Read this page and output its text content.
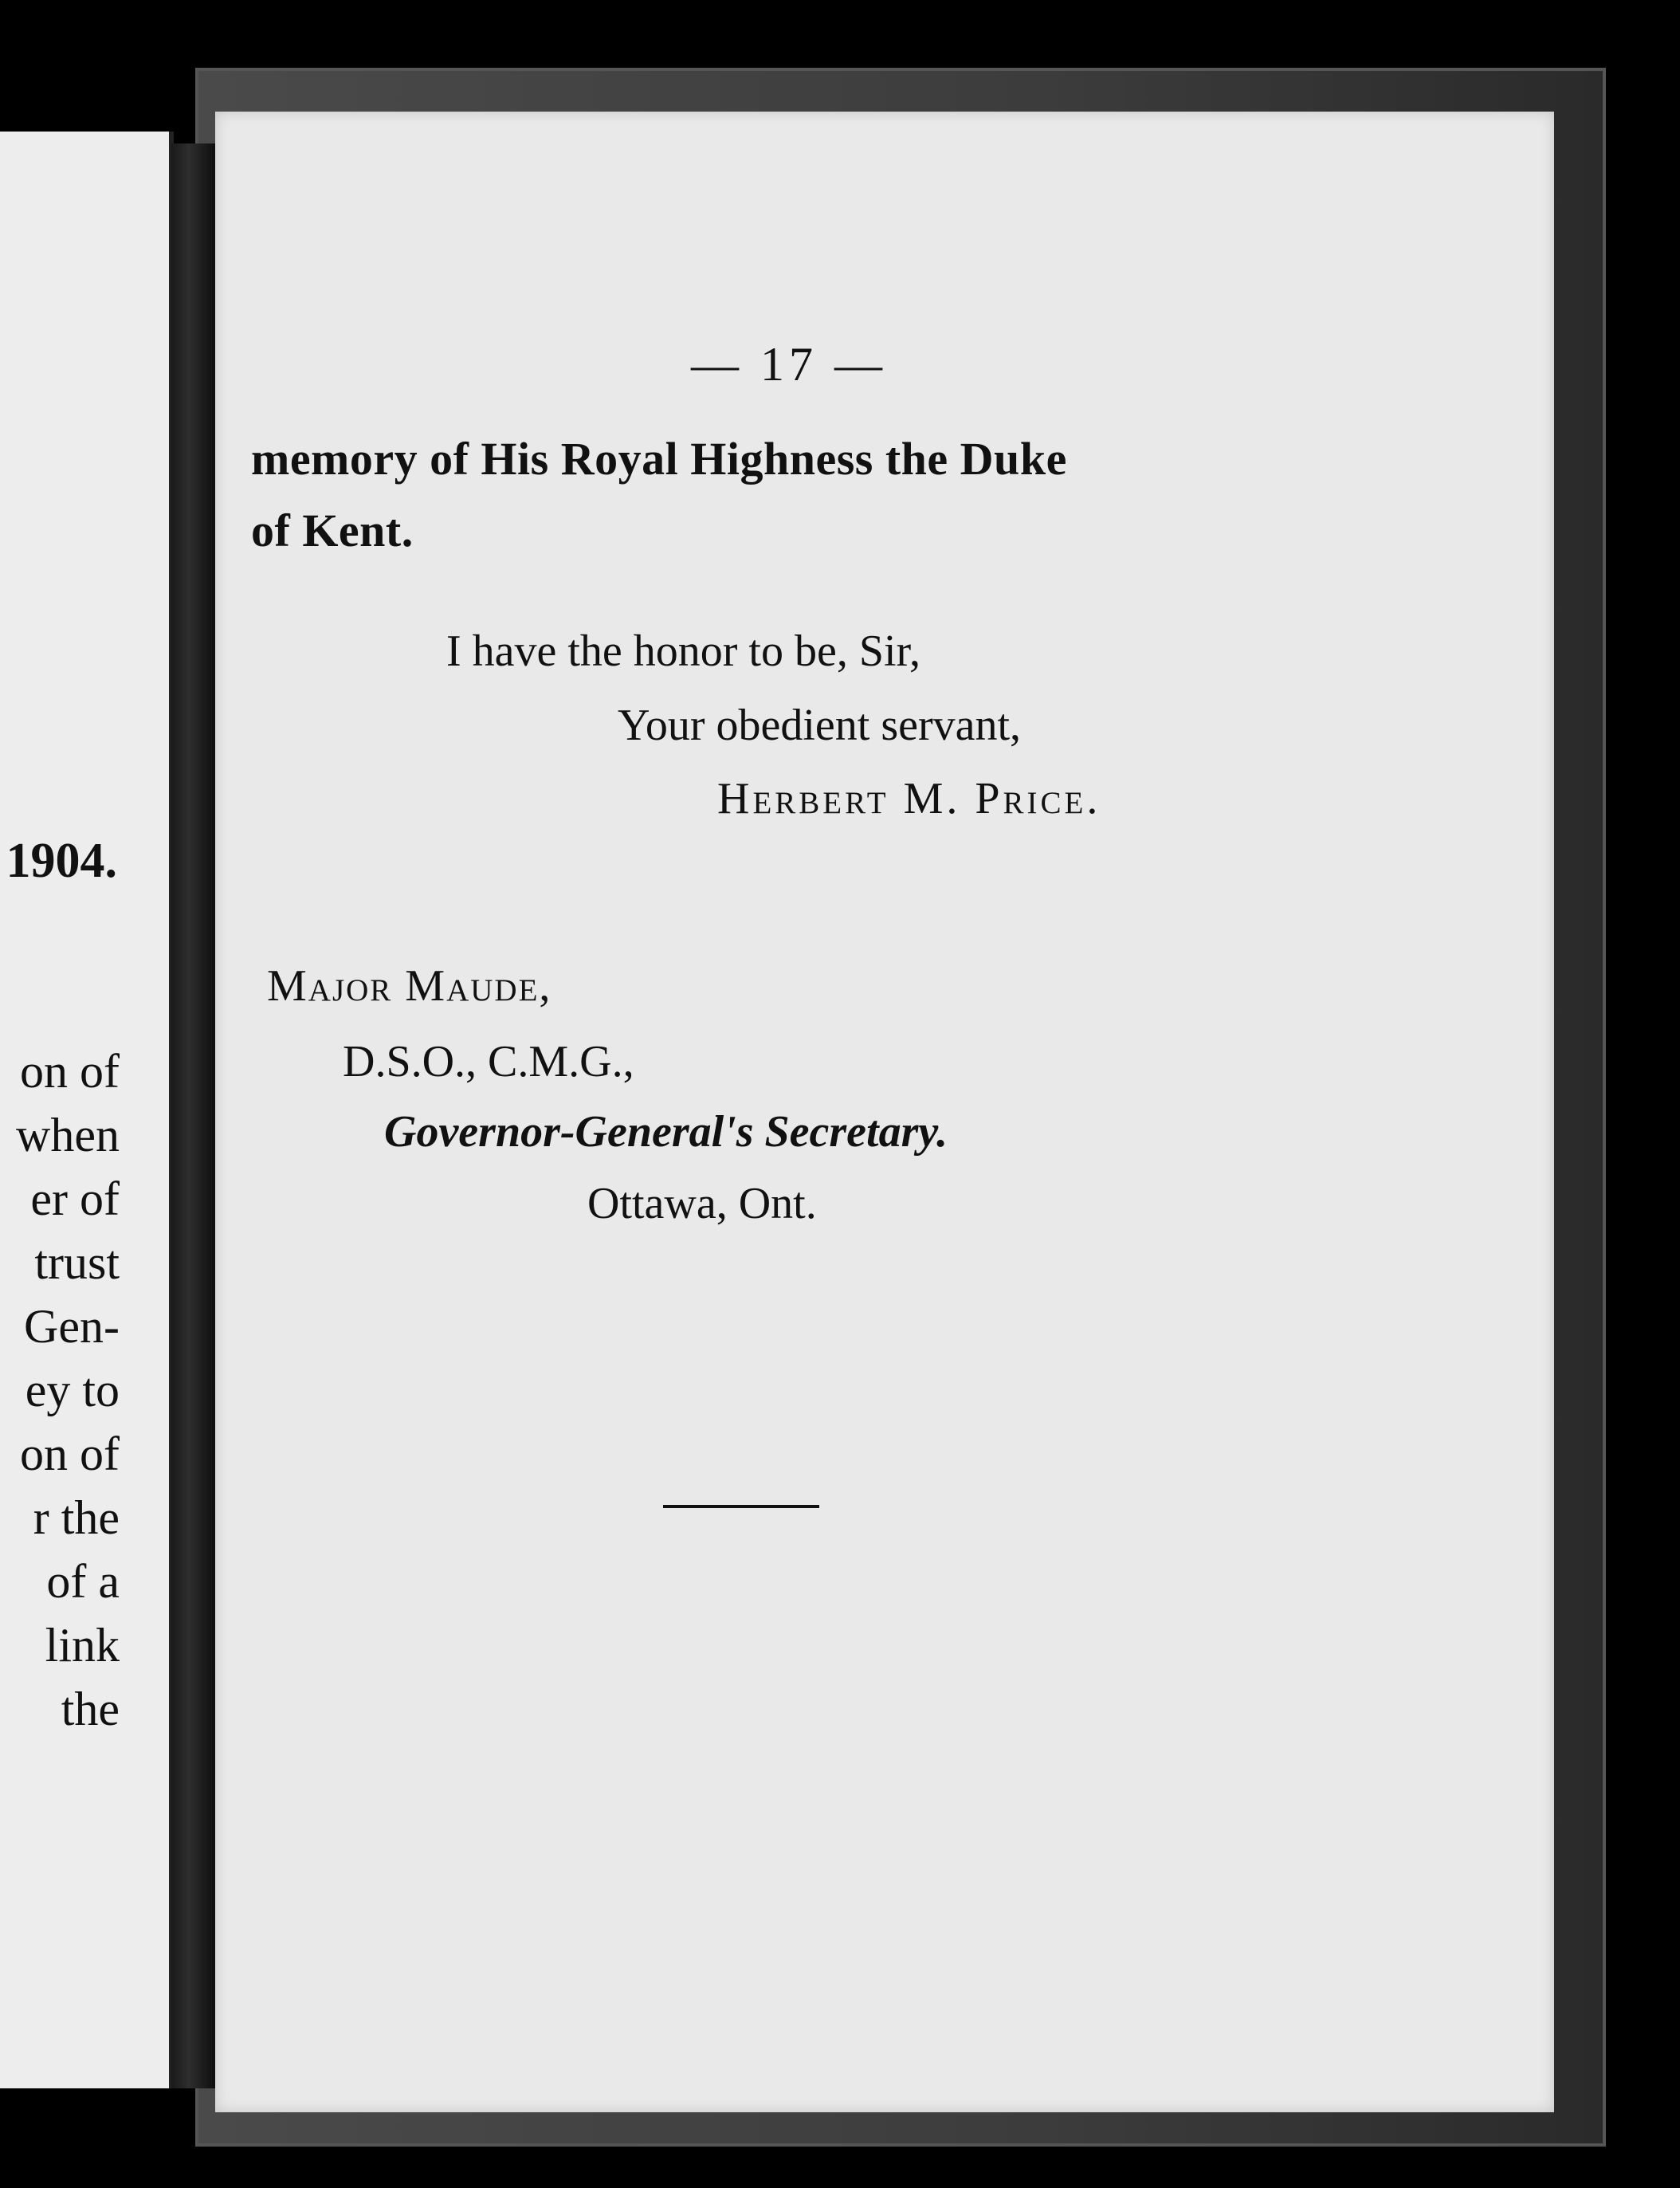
1904.
on of
when
er of
trust
Gen-
ey to
on of
r the
of a
link
the
— 17 —
memory of His Royal Highness the Duke
of Kent.
I have the honor to be, Sir,
Your obedient servant,
Herbert M. Price.
Major Maude,
D.S.O., C.M.G.,
Governor-General's Secretary.
Ottawa, Ont.
